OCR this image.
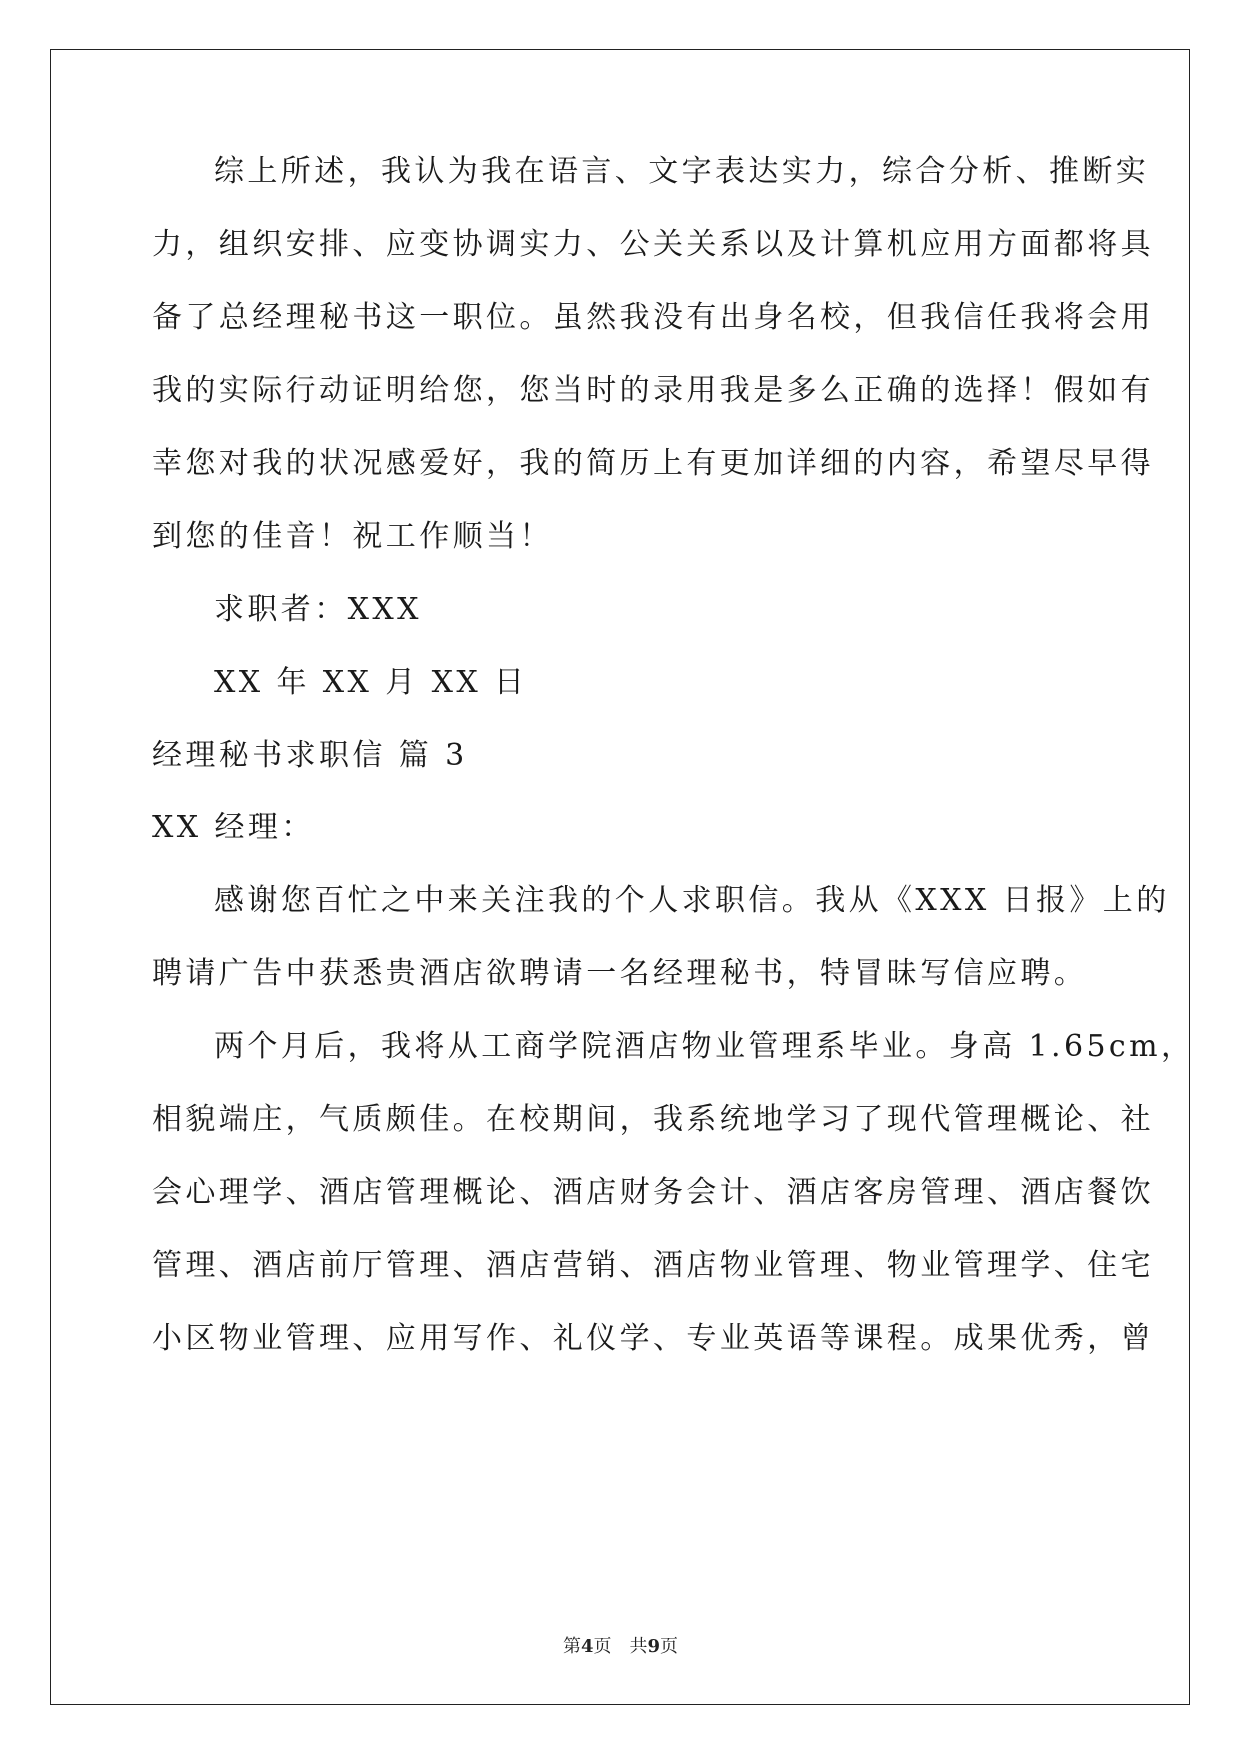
综上所述，我认为我在语言、文字表达实力，综合分析、推断实
力，组织安排、应变协调实力、公关关系以及计算机应用方面都将具
备了总经理秘书这一职位。虽然我没有出身名校，但我信任我将会用
我的实际行动证明给您，您当时的录用我是多么正确的选择！假如有
幸您对我的状况感爱好，我的简历上有更加详细的内容，希望尽早得
到您的佳音！祝工作顺当！
求职者：XXX
XX 年 XX 月 XX 日
经理秘书求职信 篇 3
XX 经理：
感谢您百忙之中来关注我的个人求职信。我从《XXX 日报》上的
聘请广告中获悉贵酒店欲聘请一名经理秘书，特冒昧写信应聘。
两个月后，我将从工商学院酒店物业管理系毕业。身高 1.65cm，
相貌端庄，气质颇佳。在校期间，我系统地学习了现代管理概论、社
会心理学、酒店管理概论、酒店财务会计、酒店客房管理、酒店餐饮
管理、酒店前厅管理、酒店营销、酒店物业管理、物业管理学、住宅
小区物业管理、应用写作、礼仪学、专业英语等课程。成果优秀，曾
第4页　共9页
